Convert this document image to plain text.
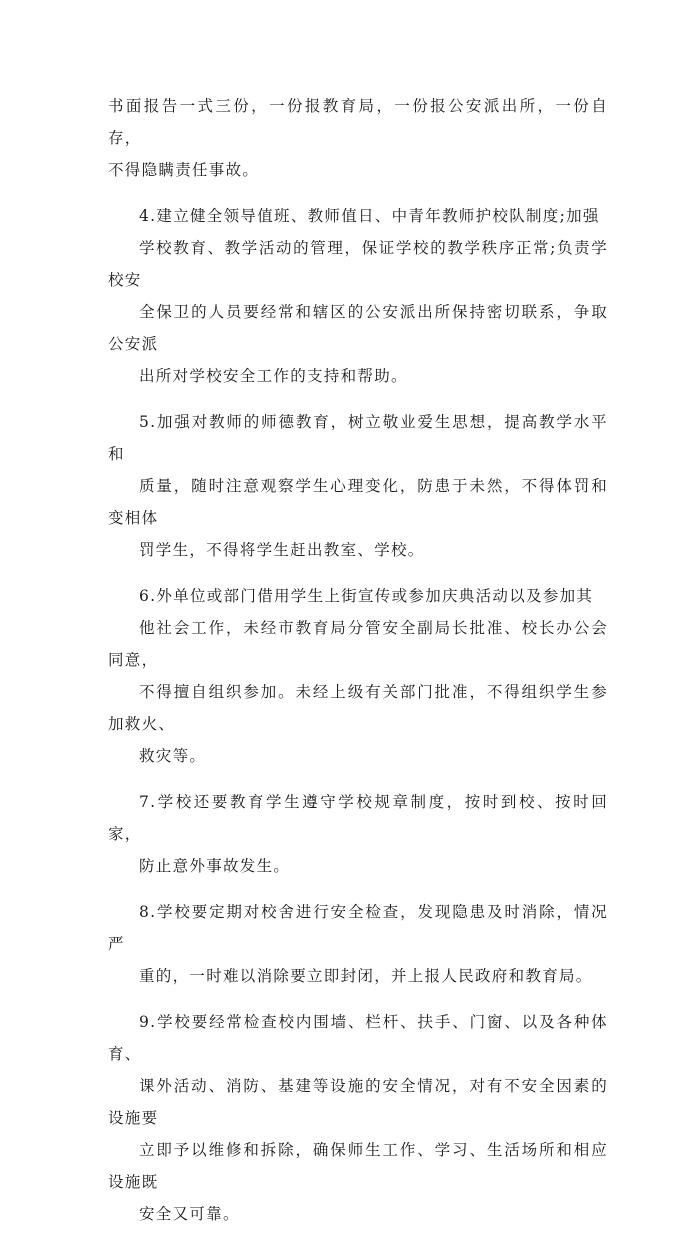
书面报告一式三份，一份报教育局，一份报公安派出所，一份自存，
不得隐瞒责任事故。

4.建立健全领导值班、教师值日、中青年教师护校队制度;加强
学校教育、教学活动的管理，保证学校的教学秩序正常;负责学校安
全保卫的人员要经常和辖区的公安派出所保持密切联系，争取公安派
出所对学校安全工作的支持和帮助。

5.加强对教师的师德教育，树立敬业爱生思想，提高教学水平和
质量，随时注意观察学生心理变化，防患于未然，不得体罚和变相体
罚学生，不得将学生赶出教室、学校。

6.外单位或部门借用学生上街宣传或参加庆典活动以及参加其
他社会工作，未经市教育局分管安全副局长批准、校长办公会同意，
不得擅自组织参加。未经上级有关部门批准，不得组织学生参加救火、
救灾等。

7.学校还要教育学生遵守学校规章制度，按时到校、按时回家，
防止意外事故发生。

8.学校要定期对校舍进行安全检查，发现隐患及时消除，情况严
重的，一时难以消除要立即封闭，并上报人民政府和教育局。

9.学校要经常检查校内围墙、栏杆、扶手、门窗、以及各种体育、
课外活动、消防、基建等设施的安全情况，对有不安全因素的设施要
立即予以维修和拆除，确保师生工作、学习、生活场所和相应设施既
安全又可靠。
